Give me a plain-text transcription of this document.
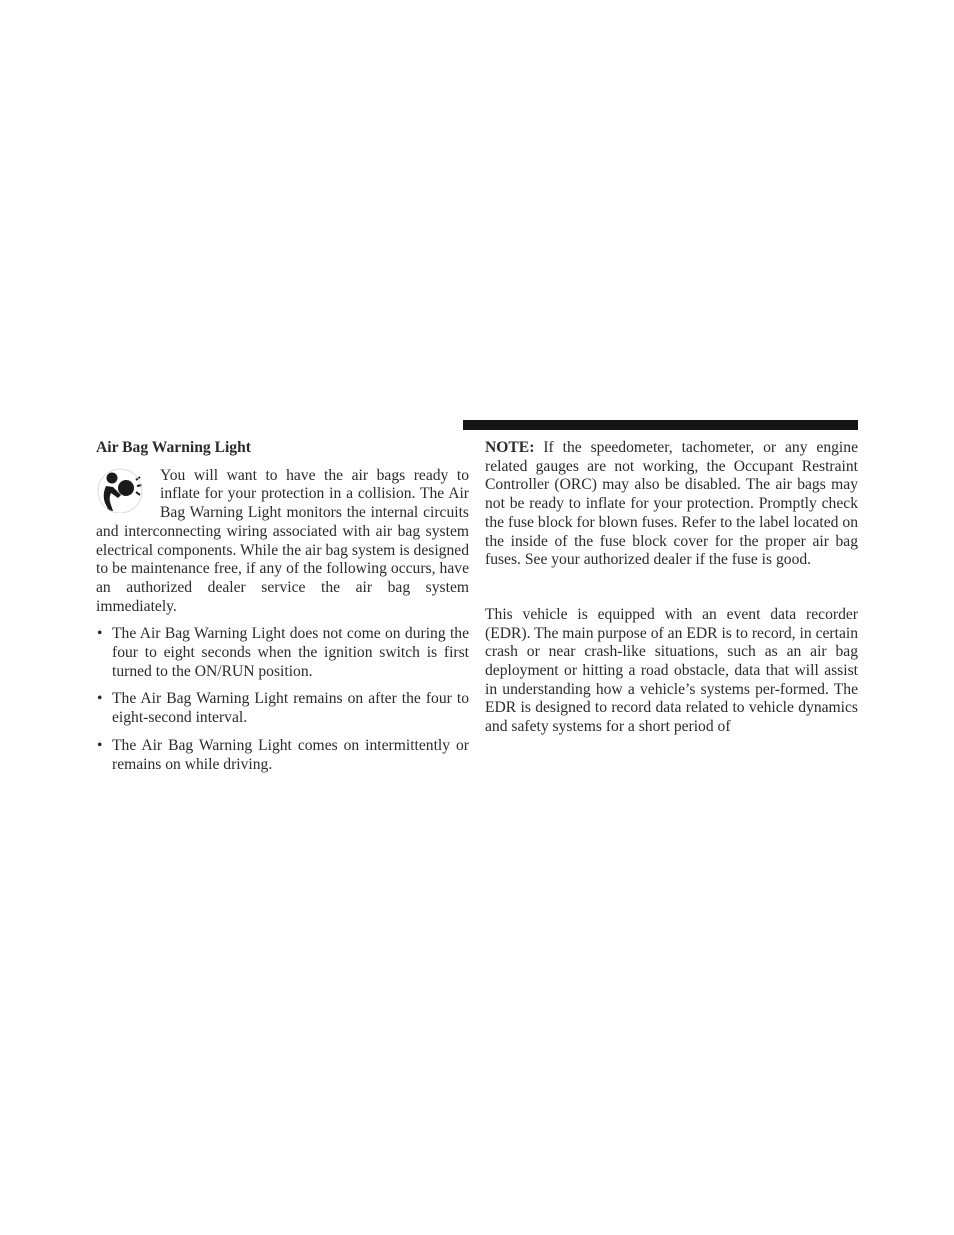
Air Bag Warning Light

You will want to have the air bags ready to inflate for your protection in a collision. The Air Bag Warning Light monitors the internal circuits and interconnecting wiring associated with air bag system electrical components. While the air bag system is designed to be maintenance free, if any of the following occurs, have an authorized dealer service the air bag system immediately.

• The Air Bag Warning Light does not come on during the four to eight seconds when the ignition switch is first turned to the ON/RUN position.
• The Air Bag Warning Light remains on after the four to eight-second interval.
• The Air Bag Warning Light comes on intermittently or remains on while driving.

NOTE: If the speedometer, tachometer, or any engine related gauges are not working, the Occupant Restraint Controller (ORC) may also be disabled. The air bags may not be ready to inflate for your protection. Promptly check the fuse block for blown fuses. Refer to the label located on the inside of the fuse block cover for the proper air bag fuses. See your authorized dealer if the fuse is good.

This vehicle is equipped with an event data recorder (EDR). The main purpose of an EDR is to record, in certain crash or near crash-like situations, such as an air bag deployment or hitting a road obstacle, data that will assist in understanding how a vehicle’s systems per-formed. The EDR is designed to record data related to vehicle dynamics and safety systems for a short period of
